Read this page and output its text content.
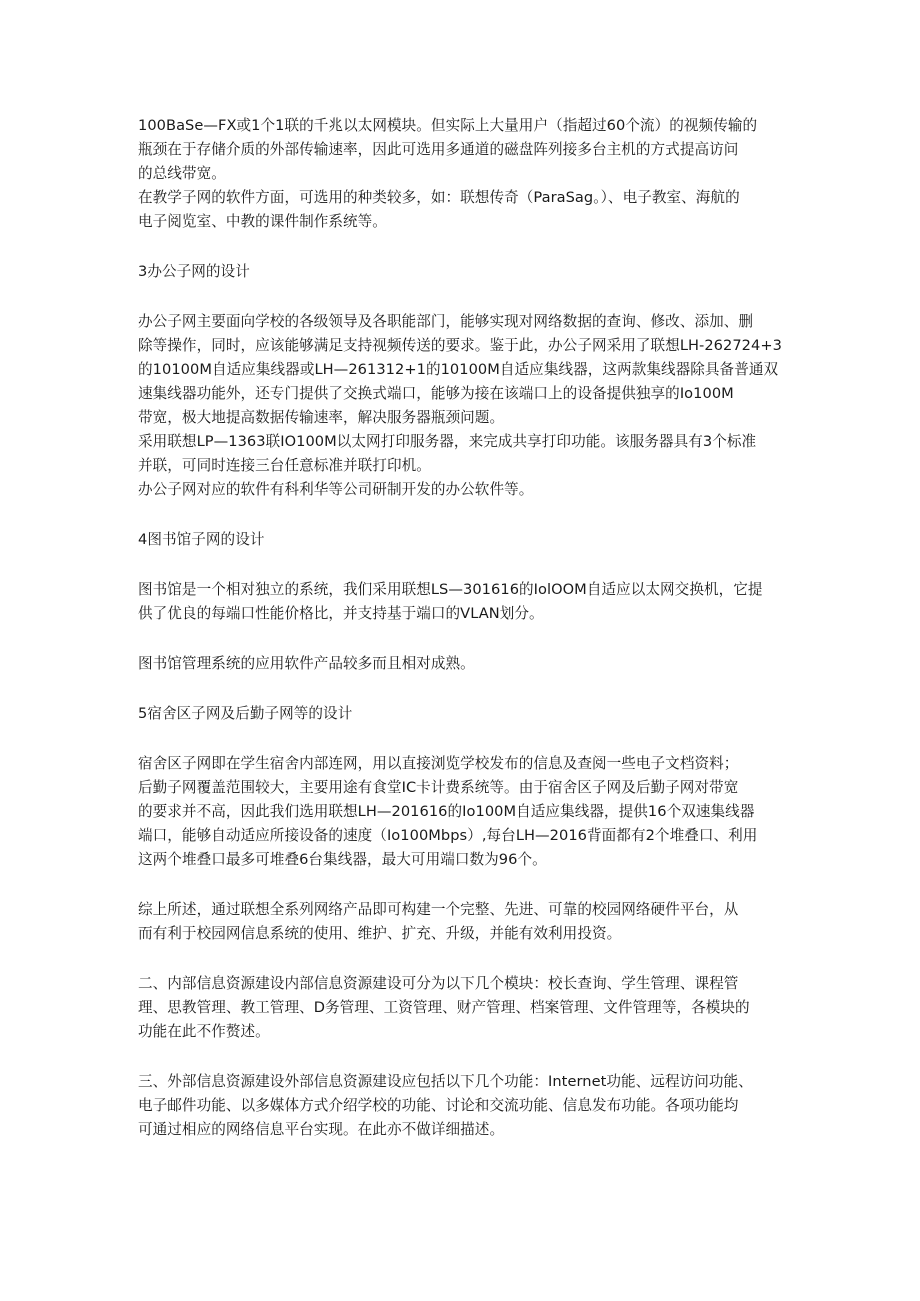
100BaSe—FX或1个1联的千兆以太网模块。但实际上大量用户（指超过60个流）的视频传输的
瓶颈在于存储介质的外部传输速率，因此可选用多通道的磁盘阵列接多台主机的方式提高访问
的总线带宽。
在教学子网的软件方面，可选用的种类较多，如：联想传奇（ParaSag。）、电子教室、海航的
电子阅览室、中教的课件制作系统等。
3办公子网的设计
办公子网主要面向学校的各级领导及各职能部门，能够实现对网络数据的查询、修改、添加、删
除等操作，同时，应该能够满足支持视频传送的要求。鉴于此，办公子网采用了联想LH-262724+3
的10100M自适应集线器或LH—261312+1的10100M自适应集线器，这两款集线器除具备普通双
速集线器功能外，还专门提供了交换式端口，能够为接在该端口上的设备提供独享的Io100M
带宽，极大地提高数据传输速率，解决服务器瓶颈问题。
采用联想LP—1363联IO100M以太网打印服务器，来完成共享打印功能。该服务器具有3个标准
并联，可同时连接三台任意标准并联打印机。
办公子网对应的软件有科利华等公司研制开发的办公软件等。
4图书馆子网的设计
图书馆是一个相对独立的系统，我们采用联想LS—301616的IolOOM自适应以太网交换机，它提
供了优良的每端口性能价格比，并支持基于端口的VLAN划分。
图书馆管理系统的应用软件产品较多而且相对成熟。
5宿舍区子网及后勤子网等的设计
宿舍区子网即在学生宿舍内部连网，用以直接浏览学校发布的信息及查阅一些电子文档资料；
后勤子网覆盖范围较大，主要用途有食堂IC卡计费系统等。由于宿舍区子网及后勤子网对带宽
的要求并不高，因此我们选用联想LH—201616的Io100M自适应集线器，提供16个双速集线器
端口，能够自动适应所接设备的速度（Io100Mbps）,每台LH—2016背面都有2个堆叠口、利用
这两个堆叠口最多可堆叠6台集线器，最大可用端口数为96个。
综上所述，通过联想全系列网络产品即可构建一个完整、先进、可靠的校园网络硬件平台，从
而有利于校园网信息系统的使用、维护、扩充、升级，并能有效利用投资。
二、内部信息资源建设内部信息资源建设可分为以下几个模块：校长查询、学生管理、课程管
理、思教管理、教工管理、D务管理、工资管理、财产管理、档案管理、文件管理等，各模块的
功能在此不作赘述。
三、外部信息资源建设外部信息资源建设应包括以下几个功能：Internet功能、远程访问功能、
电子邮件功能、以多媒体方式介绍学校的功能、讨论和交流功能、信息发布功能。各项功能均
可通过相应的网络信息平台实现。在此亦不做详细描述。
